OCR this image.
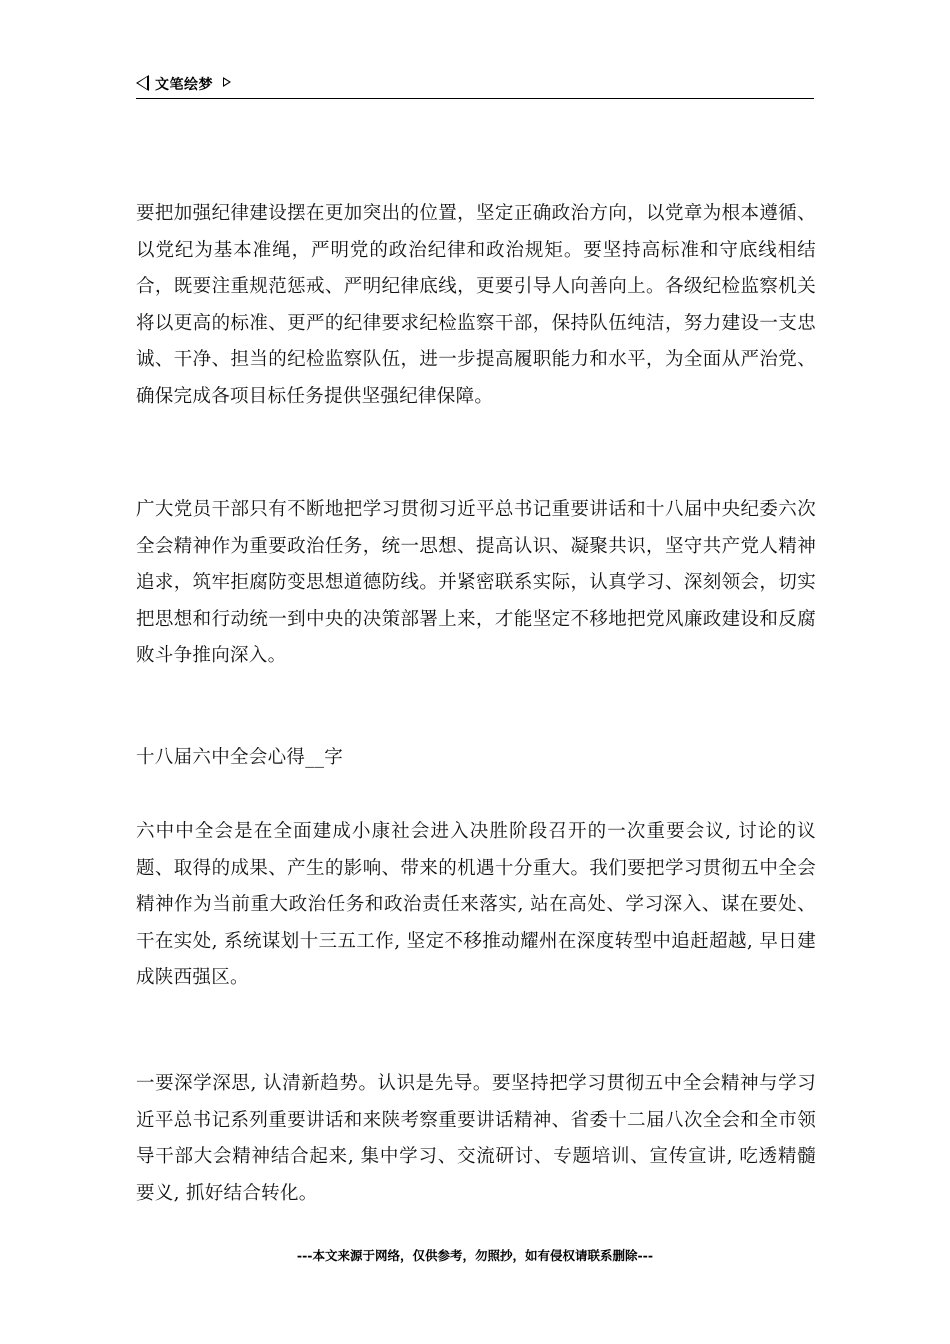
文笔绘梦

要把加强纪律建设摆在更加突出的位置，坚定正确政治方向，以党章为根本遵循、以党纪为基本准绳，严明党的政治纪律和政治规矩。要坚持高标准和守底线相结合，既要注重规范惩戒、严明纪律底线，更要引导人向善向上。各级纪检监察机关将以更高的标准、更严的纪律要求纪检监察干部，保持队伍纯洁，努力建设一支忠诚、干净、担当的纪检监察队伍，进一步提高履职能力和水平，为全面从严治党、确保完成各项目标任务提供坚强纪律保障。

广大党员干部只有不断地把学习贯彻习近平总书记重要讲话和十八届中央纪委六次全会精神作为重要政治任务，统一思想、提高认识、凝聚共识，坚守共产党人精神追求，筑牢拒腐防变思想道德防线。并紧密联系实际，认真学习、深刻领会，切实把思想和行动统一到中央的决策部署上来，才能坚定不移地把党风廉政建设和反腐败斗争推向深入。

十八届六中全会心得__字

六中中全会是在全面建成小康社会进入决胜阶段召开的一次重要会议, 讨论的议题、取得的成果、产生的影响、带来的机遇十分重大。我们要把学习贯彻五中全会精神作为当前重大政治任务和政治责任来落实, 站在高处、学习深入、谋在要处、干在实处, 系统谋划十三五工作, 坚定不移推动耀州在深度转型中追赶超越, 早日建成陕西强区。

一要深学深思, 认清新趋势。认识是先导。要坚持把学习贯彻五中全会精神与学习近平总书记系列重要讲话和来陕考察重要讲话精神、省委十二届八次全会和全市领导干部大会精神结合起来, 集中学习、交流研讨、专题培训、宣传宣讲, 吃透精髓要义, 抓好结合转化。

---本文来源于网络，仅供参考，勿照抄，如有侵权请联系删除---
